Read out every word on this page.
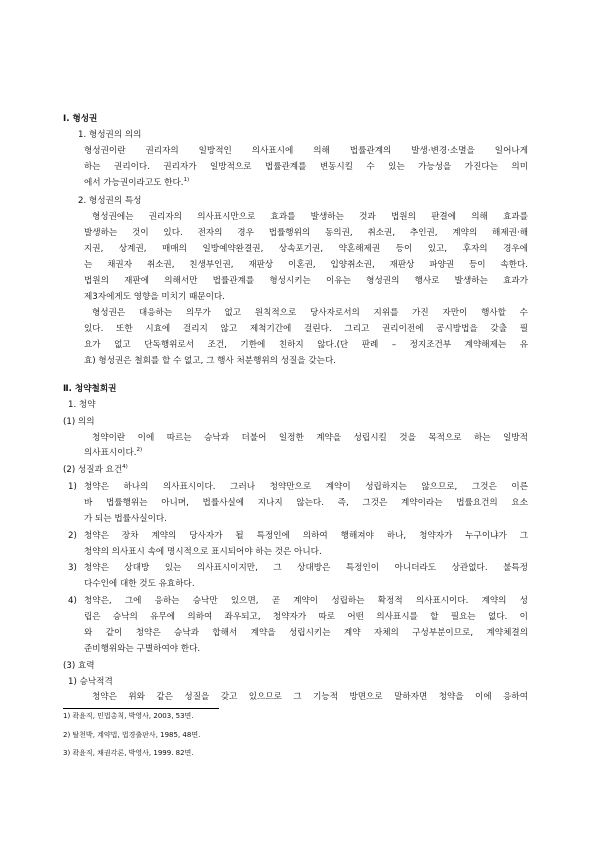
Ⅰ. 형성권
1. 형성권의 의의
형성권이란 권리자의 일방적인 의사표시에 의해 법률관계의 발생·변경·소멸을 일어나게
하는 권리이다. 권리자가 일방적으로 법률관계를 변동시킬 수 있는 가능성을 가진다는 의미
에서 가능권이라고도 한다.$^{1)}$
2. 형성권의 특성
형성권에는 권리자의 의사표시만으로 효과를 발생하는 것과 법원의 판결에 의해 효과를
발생하는 것이 있다. 전자의 경우 법률행위의 동의권, 취소권, 추인권, 계약의 해제권·해
지권, 상계권, 매매의 일방예약완결권, 상속포기권, 약혼해제권 등이 있고, 후자의 경우에
는 채권자 취소권, 친생부인권, 재판상 이혼권, 입양취소권, 재판상 파양권 등이 속한다.
법원의 재판에 의해서만 법률관계를 형성시키는 이유는 형성권의 행사로 발생하는 효과가
제3자에게도 영향을 미치기 때문이다.
형성권은 대응하는 의무가 없고 원칙적으로 당사자로서의 지위를 가진 자만이 행사할 수
있다. 또한 시효에 걸리지 않고 제척기간에 걸린다. 그리고 권리이전에 공시방법을 갖출 필
요가 없고 단독행위로서 조건, 기한에 친하지 않다.(단 판례 – 정지조건부 계약해제는 유
효) 형성권은 철회를 할 수 없고, 그 행사 처분행위의 성질을 갖는다.
Ⅱ. 청약철회권
1. 청약
(1) 의의
청약이란 이에 따르는 승낙과 더불어 일정한 계약을 성립시킬 것을 목적으로 하는 일방적
의사표시이다.$^{2)}$
(2) 성질과 요건$^{4)}$
1) 청약은 하나의 의사표시이다. 그러나 청약만으로 계약이 성립하지는 않으므로, 그것은 이른
바 법률행위는 아니며, 법률사실에 지나지 않는다. 즉, 그것은 계약이라는 법률요건의 요소
가 되는 법률사실이다.
2) 청약은 장차 계약의 당사자가 될 특정인에 의하여 행해져야 하나, 청약자가 누구이냐가 그
청약의 의사표시 속에 명시적으로 표시되어야 하는 것은 아니다.
3) 청약은 상대방 있는 의사표시이지만, 그 상대방은 특정인이 아니더라도 상관없다. 불특정
다수인에 대한 것도 유효하다.
4) 청약은, 그에 응하는 승낙만 있으면, 곧 계약이 성립하는 확정적 의사표시이다. 계약의 성
립은 승낙의 유무에 의하여 좌우되고, 청약자가 따로 어떤 의사표시를 할 필요는 없다. 이
와 같이 청약은 승낙과 합해서 계약을 성립시키는 계약 자체의 구성부분이므로, 계약체결의
준비행위와는 구별하여야 한다.
(3) 효력
1) 승낙적격
청약은 위와 같은 성질을 갖고 있으므로 그 기능적 방면으로 말하자면 청약을 이에 응하여
1) 곽윤직, 민법총칙, 박영사, 2003, 53면.
2) 탈천박, 계약법, 법경출판사, 1985, 48면.
3) 곽윤직, 채권각론, 박영사, 1999. 82면.
